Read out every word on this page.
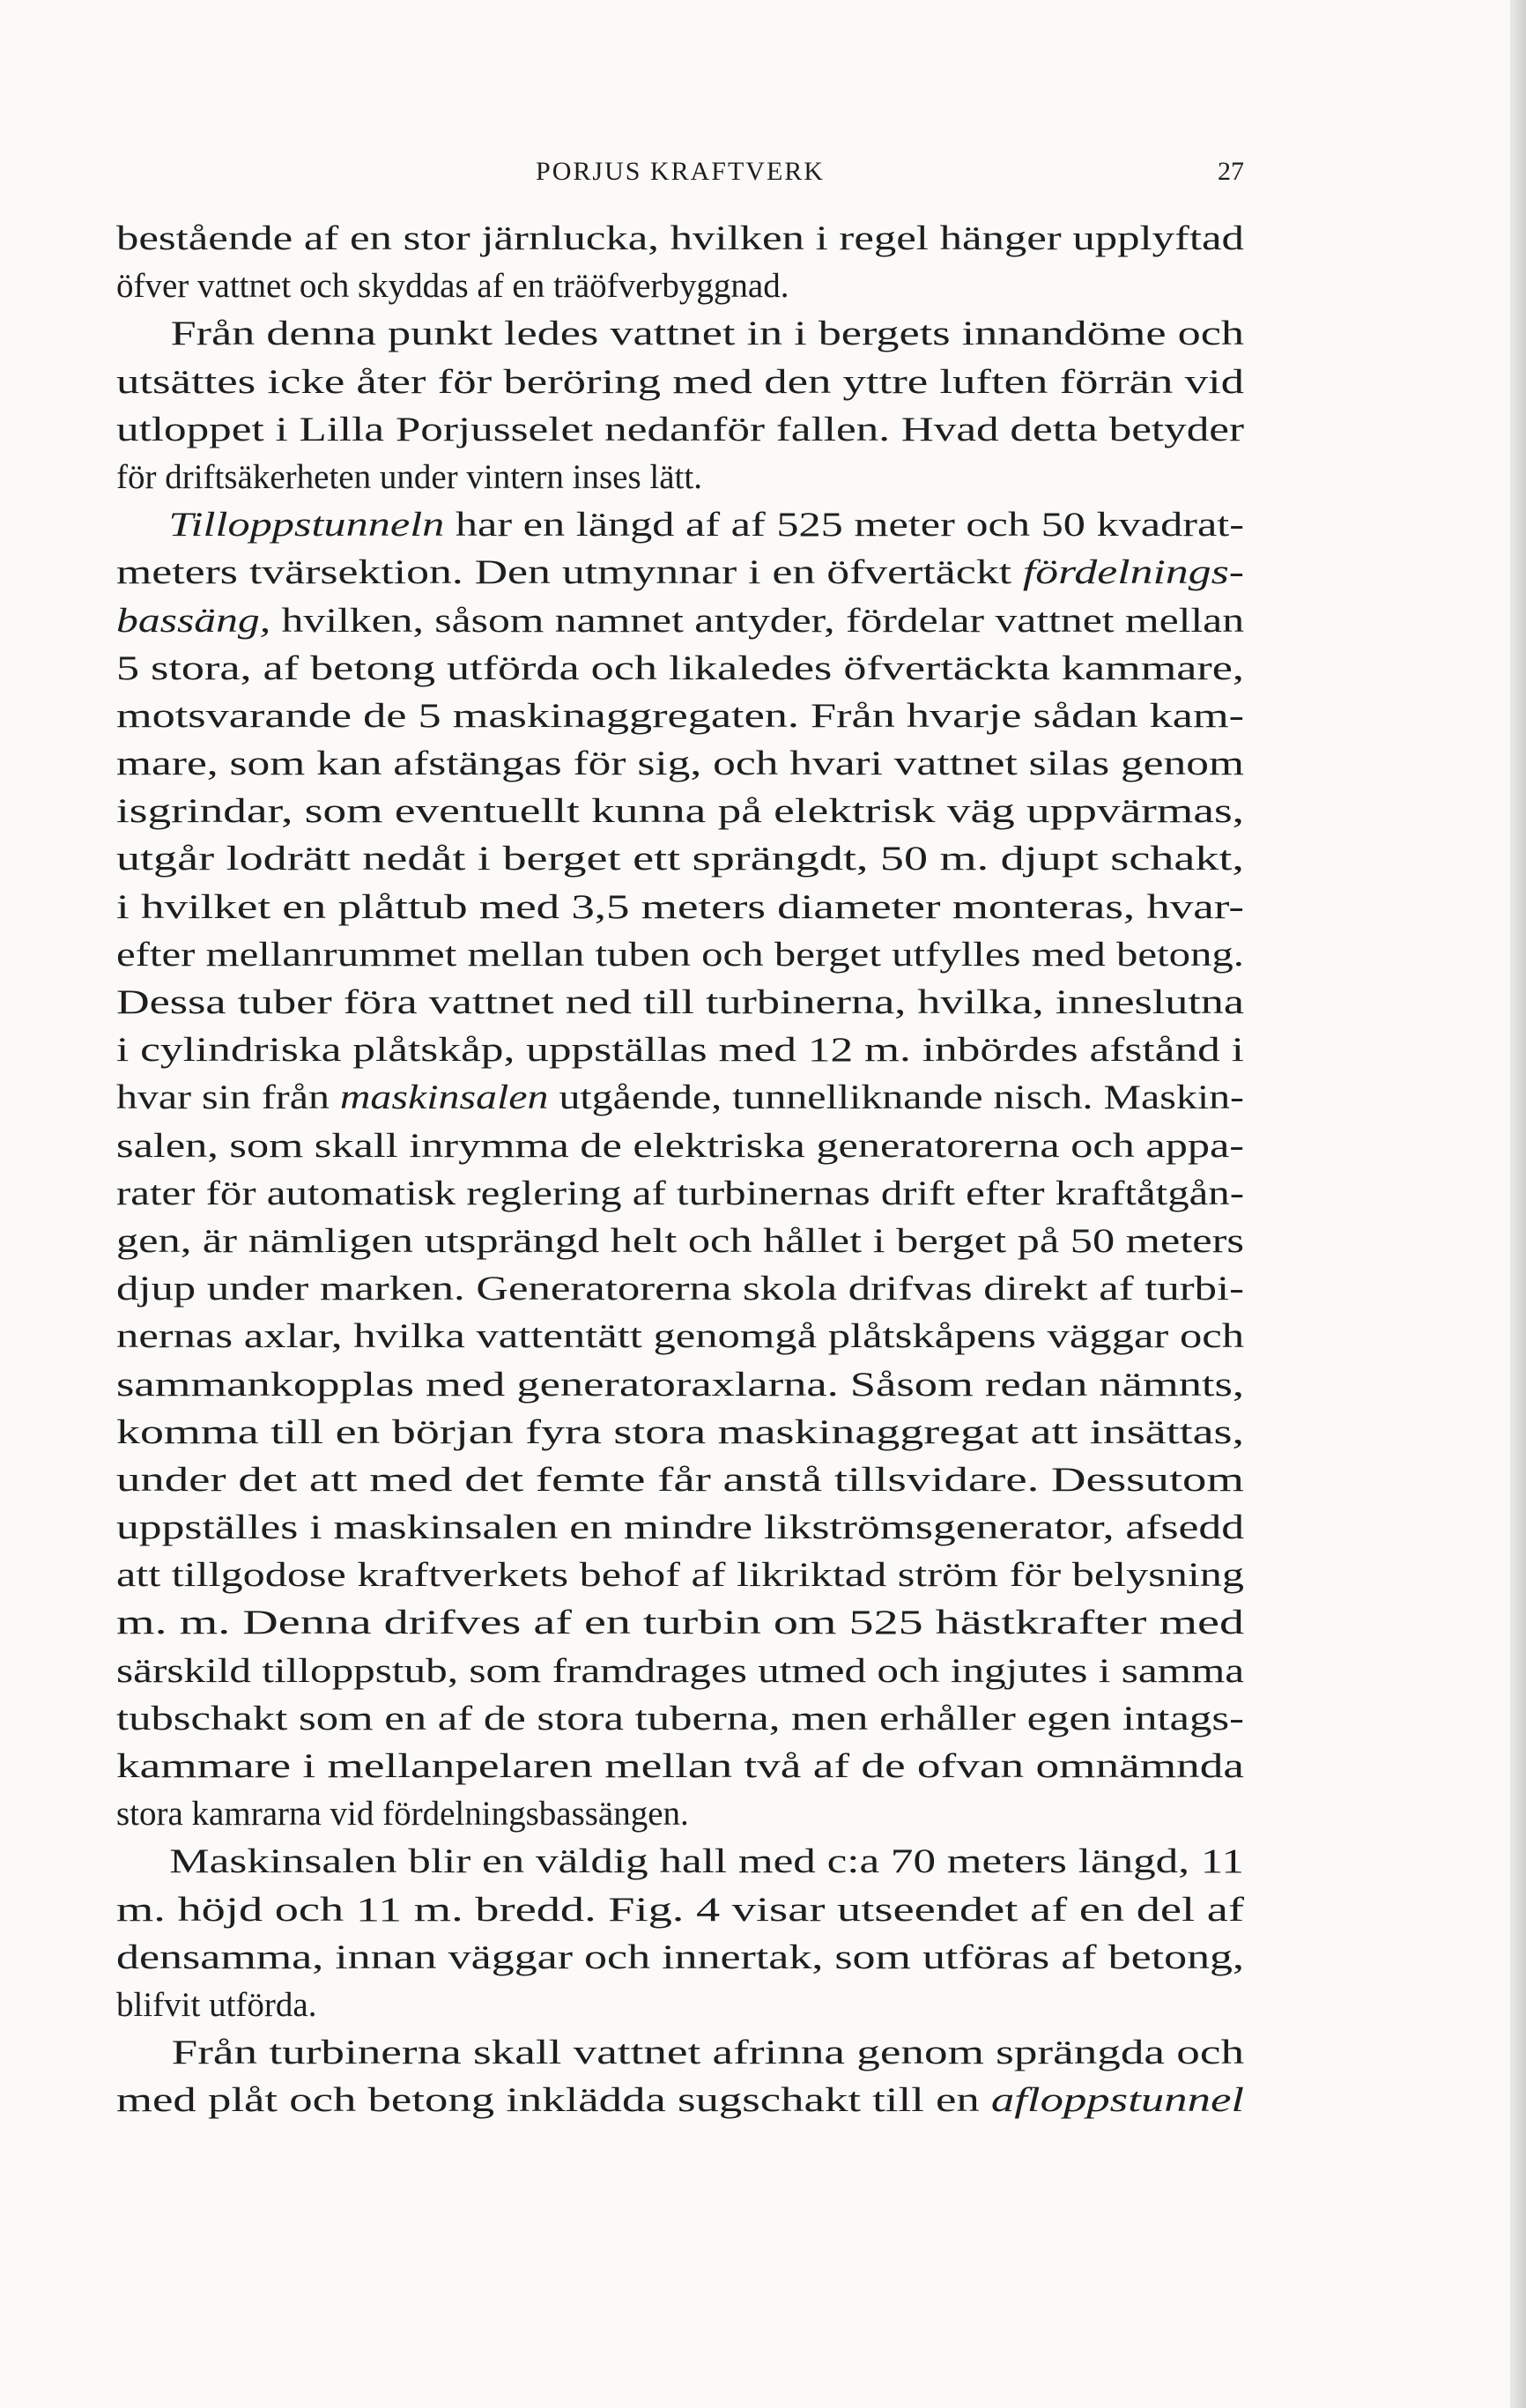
PORJUS KRAFTVERK	27
bestående af en stor järnlucka, hvilken i regel hänger upplyftad
öfver vattnet och skyddas af en träöfverbyggnad.
Från denna punkt ledes vattnet in i bergets innandöme och
utsättes icke åter för beröring med den yttre luften förrän vid
utloppet i Lilla Porjusselet nedanför fallen. Hvad detta betyder
för driftsäkerheten under vintern inses lätt.
Tilloppstunneln har en längd af af 525 meter och 50 kvadrat-
meters tvärsektion. Den utmynnar i en öfvertäckt fördelnings-
bassäng, hvilken, såsom namnet antyder, fördelar vattnet mellan
5 stora, af betong utförda och likaledes öfvertäckta kammare,
motsvarande de 5 maskinaggregaten. Från hvarje sådan kam-
mare, som kan afstängas för sig, och hvari vattnet silas genom
isgrindar, som eventuellt kunna på elektrisk väg uppvärmas,
utgår lodrätt nedåt i berget ett sprängdt, 50 m. djupt schakt,
i hvilket en plåttub med 3,5 meters diameter monteras, hvar-
efter mellanrummet mellan tuben och berget utfylles med betong.
Dessa tuber föra vattnet ned till turbinerna, hvilka, inneslutna
i cylindriska plåtskåp, uppställas med 12 m. inbördes afstånd i
hvar sin från maskinsalen utgående, tunnelliknande nisch. Maskin-
salen, som skall inrymma de elektriska generatorerna och appa-
rater för automatisk reglering af turbinernas drift efter kraftåtgån-
gen, är nämligen utsprängd helt och hållet i berget på 50 meters
djup under marken. Generatorerna skola drifvas direkt af turbi-
nernas axlar, hvilka vattentätt genomgå plåtskåpens väggar och
sammankopplas med generatoraxlarna. Såsom redan nämnts,
komma till en början fyra stora maskinaggregat att insättas,
under det att med det femte får anstå tillsvidare. Dessutom
uppställes i maskinsalen en mindre likströmsgenerator, afsedd
att tillgodose kraftverkets behof af likriktad ström för belysning
m. m. Denna drifves af en turbin om 525 hästkrafter med
särskild tilloppstub, som framdrages utmed och ingjutes i samma
tubschakt som en af de stora tuberna, men erhåller egen intags-
kammare i mellanpelaren mellan två af de ofvan omnämnda
stora kamrarna vid fördelningsbassängen.
Maskinsalen blir en väldig hall med c:a 70 meters längd, 11
m. höjd och 11 m. bredd. Fig. 4 visar utseendet af en del af
densamma, innan väggar och innertak, som utföras af betong,
blifvit utförda.
Från turbinerna skall vattnet afrinna genom sprängda och
med plåt och betong inklädda sugschakt till en afloppstunnel
